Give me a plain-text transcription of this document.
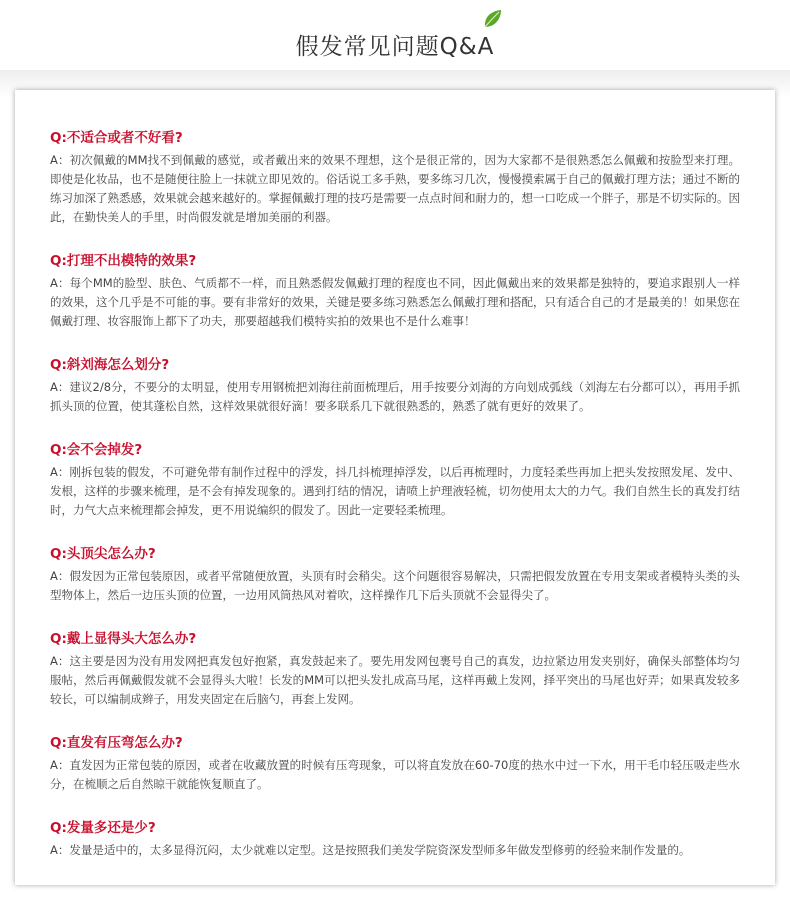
假发常见问题Q&A
Q:不适合或者不好看?
A：初次佩戴的MM找不到佩戴的感觉，或者戴出来的效果不理想，这个是很正常的，因为大家都不是很熟悉怎么佩戴和按脸型来打理。即使是化妆品，也不是随便往脸上一抹就立即见效的。俗话说工多手熟，要多练习几次，慢慢摸索属于自己的佩戴打理方法；通过不断的练习加深了熟悉感，效果就会越来越好的。掌握佩戴打理的技巧是需要一点点时间和耐力的，想一口吃成一个胖子，那是不切实际的。因此，在勤快美人的手里，时尚假发就是增加美丽的利器。
Q:打理不出模特的效果?
A：每个MM的脸型、肤色、气质都不一样，而且熟悉假发佩戴打理的程度也不同，因此佩戴出来的效果都是独特的，要追求跟别人一样的效果，这个几乎是不可能的事。要有非常好的效果，关键是要多练习熟悉怎么佩戴打理和搭配，只有适合自己的才是最美的！如果您在佩戴打理、妆容服饰上都下了功夫，那要超越我们模特实拍的效果也不是什么难事！
Q:斜刘海怎么划分?
A：建议2/8分，不要分的太明显，使用专用钢梳把刘海往前面梳理后，用手按要分刘海的方向划成弧线（刘海左右分都可以），再用手抓抓头顶的位置，使其蓬松自然，这样效果就很好滴！要多联系几下就很熟悉的，熟悉了就有更好的效果了。
Q:会不会掉发?
A：刚拆包装的假发，不可避免带有制作过程中的浮发，抖几抖梳理掉浮发，以后再梳理时，力度轻柔些再加上把头发按照发尾、发中、发根，这样的步骤来梳理，是不会有掉发现象的。遇到打结的情况，请喷上护理液轻梳，切勿使用太大的力气。我们自然生长的真发打结时，力气大点来梳理都会掉发，更不用说编织的假发了。因此一定要轻柔梳理。
Q:头顶尖怎么办?
A：假发因为正常包装原因，或者平常随便放置，头顶有时会稍尖。这个问题很容易解决，只需把假发放置在专用支架或者模特头类的头型物体上，然后一边压头顶的位置，一边用风筒热风对着吹，这样操作几下后头顶就不会显得尖了。
Q:戴上显得头大怎么办?
A：这主要是因为没有用发网把真发包好抱紧，真发鼓起来了。要先用发网包裹号自己的真发，边拉紧边用发夹别好，确保头部整体均匀服帖，然后再佩戴假发就不会显得头大啦！长发的MM可以把头发扎成高马尾，这样再戴上发网，择平突出的马尾也好弄；如果真发较多较长，可以编制成辫子，用发夹固定在后脑勺，再套上发网。
Q:直发有压弯怎么办?
A：直发因为正常包装的原因，或者在收藏放置的时候有压弯现象，可以将直发放在60-70度的热水中过一下水，用干毛巾轻压吸走些水分，在梳顺之后自然晾干就能恢复顺直了。
Q:发量多还是少?
A：发量是适中的，太多显得沉闷，太少就难以定型。这是按照我们美发学院资深发型师多年做发型修剪的经验来制作发量的。
